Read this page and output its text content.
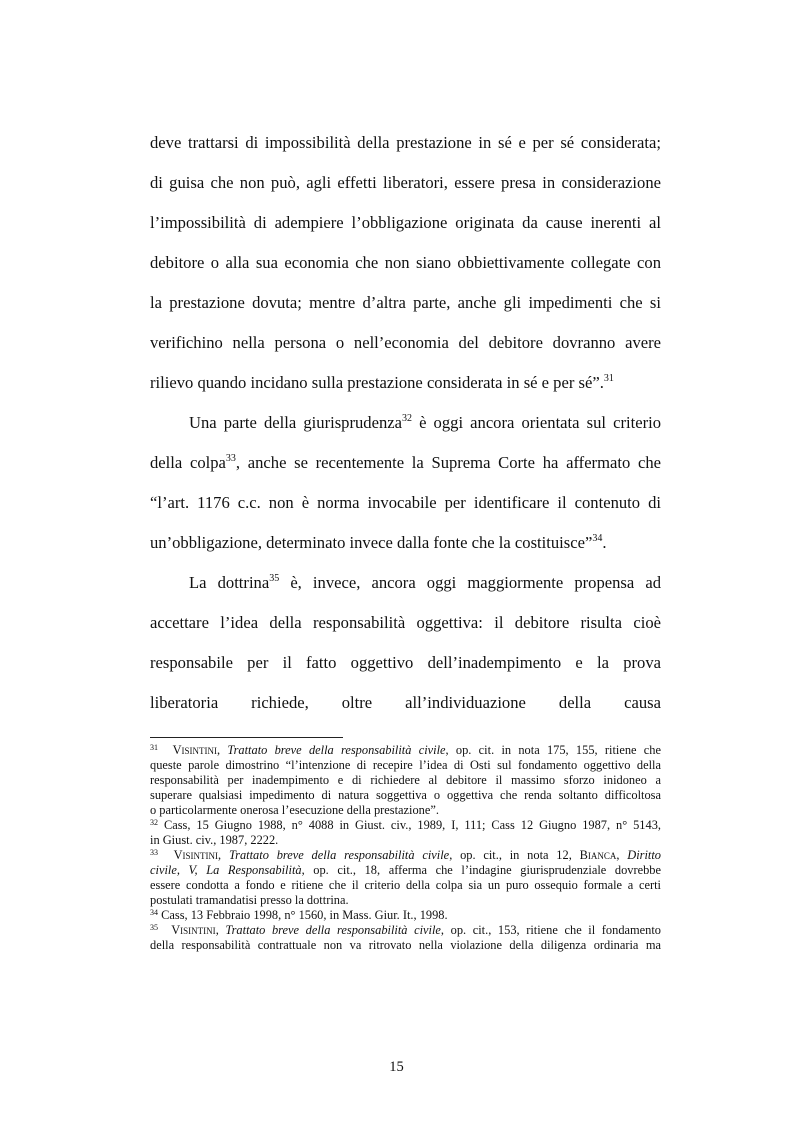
deve trattarsi di impossibilità della prestazione in sé e per sé considerata;
di guisa che non può, agli effetti liberatori, essere presa in considerazione
l’impossibilità di adempiere l’obbligazione originata da cause inerenti al
debitore o alla sua economia che non siano obbiettivamente collegate con
la prestazione dovuta; mentre d’altra parte, anche gli impedimenti che si
verifichino nella persona o nell’economia del debitore dovranno avere
rilievo quando incidano sulla prestazione considerata in sé e per sé”.$^{31}$
Una parte della giurisprudenza$^{32}$ è oggi ancora orientata sul criterio
della colpa$^{33}$, anche se recentemente la Suprema Corte ha affermato che
“l’art. 1176 c.c. non è norma invocabile per identificare il contenuto di
un’obbligazione, determinato invece dalla fonte che la costituisce”$^{34}$.
La dottrina$^{35}$ è, invece, ancora oggi maggiormente propensa ad
accettare l’idea della responsabilità oggettiva: il debitore risulta cioè
responsabile per il fatto oggettivo dell’inadempimento e la prova
liberatoria richiede, oltre all’individuazione della causa
$^{31}$ Visintini, Trattato breve della responsabilità civile, op. cit. in nota 175, 155, ritiene che
queste parole dimostrino “l’intenzione di recepire l’idea di Osti sul fondamento oggettivo della
responsabilità per inadempimento e di richiedere al debitore il massimo sforzo inidoneo a
superare qualsiasi impedimento di natura soggettiva o oggettiva che renda soltanto difficoltosa
o particolarmente onerosa l’esecuzione della prestazione”.
$^{32}$ Cass, 15 Giugno 1988, n° 4088 in Giust. civ., 1989, I, 111; Cass 12 Giugno 1987, n° 5143,
in Giust. civ., 1987, 2222.
$^{33}$ Visintini, Trattato breve della responsabilità civile, op. cit., in nota 12, Bianca, Diritto
civile, V, La Responsabilità, op. cit., 18, afferma che l’indagine giurisprudenziale dovrebbe
essere condotta a fondo e ritiene che il criterio della colpa sia un puro ossequio formale a certi
postulati tramandatisi presso la dottrina.
$^{34}$ Cass, 13 Febbraio 1998, n° 1560, in Mass. Giur. It., 1998.
$^{35}$ Visintini, Trattato breve della responsabilità civile, op. cit., 153, ritiene che il fondamento
della responsabilità contrattuale non va ritrovato nella violazione della diligenza ordinaria ma
15
